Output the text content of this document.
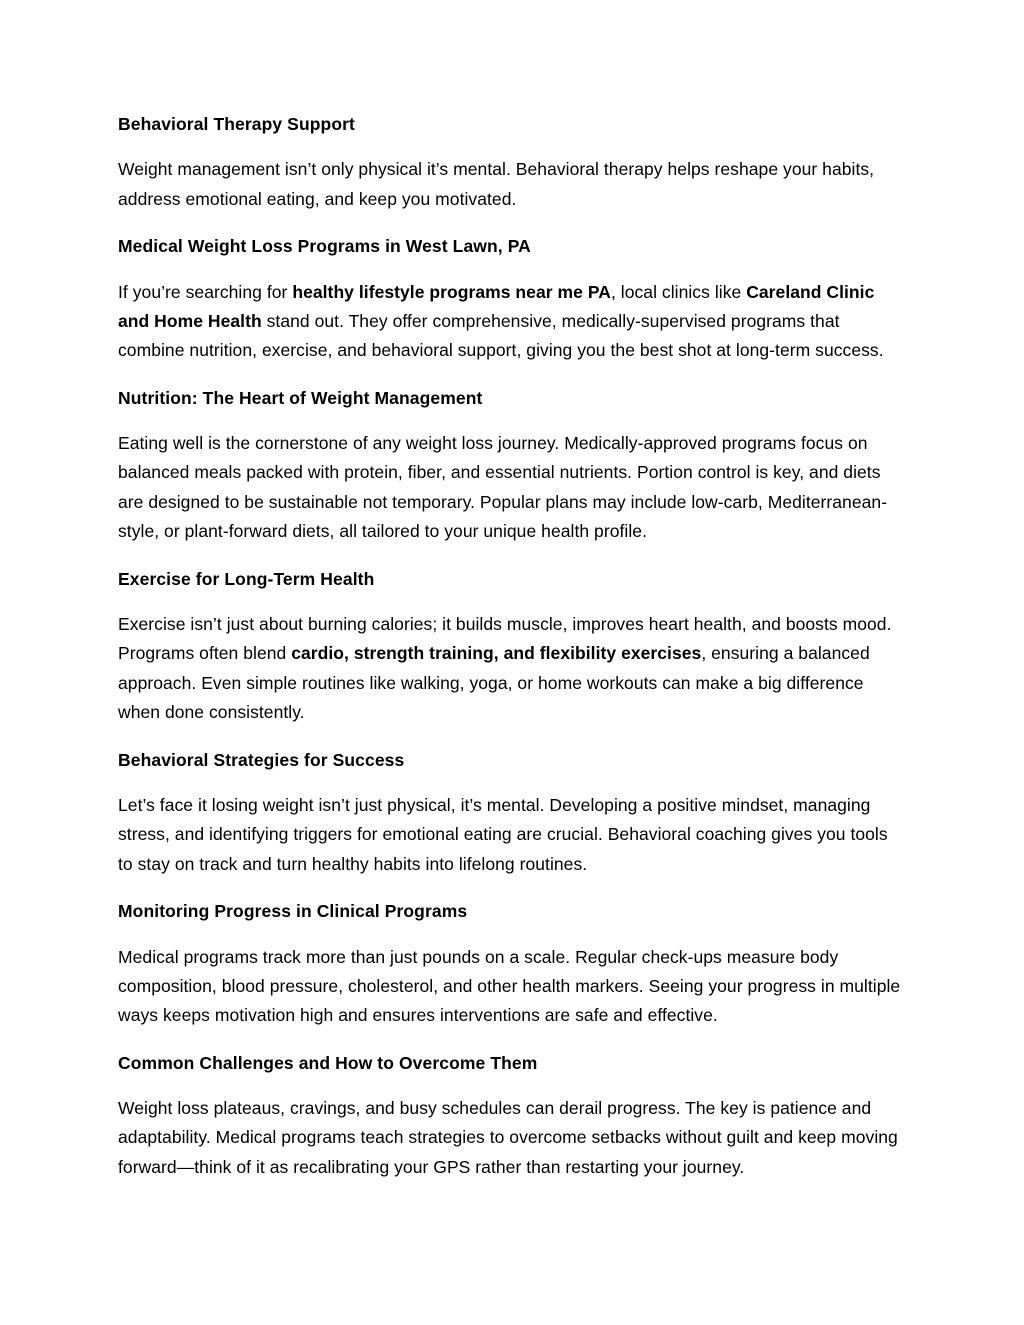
Behavioral Therapy Support

Weight management isn’t only physical it’s mental. Behavioral therapy helps reshape your habits, address emotional eating, and keep you motivated.

Medical Weight Loss Programs in West Lawn, PA

If you’re searching for healthy lifestyle programs near me PA, local clinics like Careland Clinic and Home Health stand out. They offer comprehensive, medically-supervised programs that combine nutrition, exercise, and behavioral support, giving you the best shot at long-term success.

Nutrition: The Heart of Weight Management

Eating well is the cornerstone of any weight loss journey. Medically-approved programs focus on balanced meals packed with protein, fiber, and essential nutrients. Portion control is key, and diets are designed to be sustainable not temporary. Popular plans may include low-carb, Mediterranean-style, or plant-forward diets, all tailored to your unique health profile.

Exercise for Long-Term Health

Exercise isn’t just about burning calories; it builds muscle, improves heart health, and boosts mood. Programs often blend cardio, strength training, and flexibility exercises, ensuring a balanced approach. Even simple routines like walking, yoga, or home workouts can make a big difference when done consistently.

Behavioral Strategies for Success

Let’s face it losing weight isn’t just physical, it’s mental. Developing a positive mindset, managing stress, and identifying triggers for emotional eating are crucial. Behavioral coaching gives you tools to stay on track and turn healthy habits into lifelong routines.

Monitoring Progress in Clinical Programs

Medical programs track more than just pounds on a scale. Regular check-ups measure body composition, blood pressure, cholesterol, and other health markers. Seeing your progress in multiple ways keeps motivation high and ensures interventions are safe and effective.

Common Challenges and How to Overcome Them

Weight loss plateaus, cravings, and busy schedules can derail progress. The key is patience and adaptability. Medical programs teach strategies to overcome setbacks without guilt and keep moving forward—think of it as recalibrating your GPS rather than restarting your journey.
